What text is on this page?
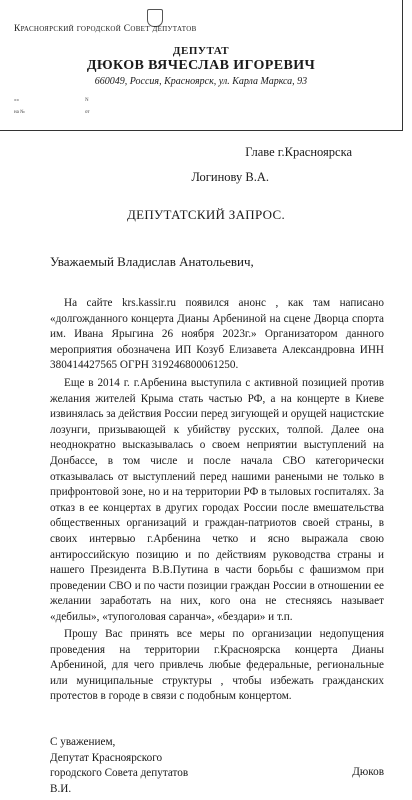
Красноярский городской Совет депутатов
ДЕПУТАТ
ДЮКОВ ВЯЧЕСЛАВ ИГОРЕВИЧ
660049, Россия, Красноярск, ул. Карла Маркса, 93
«»	N
на №	от
Главе г.Красноярска
Логинову В.А.
ДЕПУТАТСКИЙ ЗАПРОС.
Уважаемый Владислав Анатольевич,

На сайте krs.kassir.ru появился анонс , как там написано «долгожданного концерта Дианы Арбениной на сцене Дворца спорта им. Ивана Ярыгина 26 ноября 2023г.» Организатором данного мероприятия обозначена ИП Козуб Елизавета Александровна ИНН 380414427565 ОГРН 319246800061250.

Еще в 2014 г. г.Арбенина выступила с активной позицией против желания жителей Крыма стать частью РФ, а на концерте в Киеве извинялась за действия России перед зигующей и орущей нацистские лозунги, призывающей к убийству русских, толпой. Далее она неоднократно высказывалась о своем неприятии выступлений на Донбассе, в том числе и после начала СВО категорически отказывалась от выступлений перед нашими ранеными не только в прифронтовой зоне, но и на территории РФ в тыловых госпиталях. За отказ в ее концертах в других городах России после вмешательства общественных организаций и граждан-патриотов своей страны, в своих интервью г.Арбенина четко и ясно выражала свою антироссийскую позицию и по действиям руководства страны и нашего Президента В.В.Путина в части борьбы с фашизмом при проведении СВО и по части позиции граждан России в отношении ее желании заработать на них, кого она не стесняясь называет «дебилы», «тупоголовая саранча», «бездари» и т.п.

Прошу Вас принять все меры по организации недопущения проведения на территории г.Красноярска концерта Дианы Арбениной, для чего привлечь любые федеральные, региональные или муниципальные структуры , чтобы избежать гражданских протестов в городе в связи с подобным концертом.

С уважением,
Депутат Красноярского
городского Совета депутатов
В.И.
Дюков
